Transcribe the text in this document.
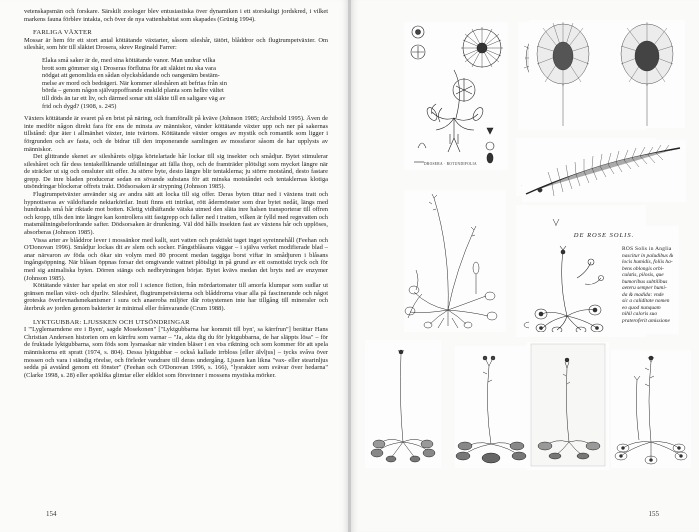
vetenskapsmän och forskare. Särskilt zoologer blev entusiastiska över dynamiken i ett storskaligt jordskred, i vilket markens fauna förblev intakta, och över de nya vattenhabitat som skapades (Grünig 1994).

FARLIGA VÄXTER

Mossar är hem för ett stort antal köttätande växtarter, såsom sileshår, tätört, blåddror och flugtrumpetväxter. Om sileshår, som hör till släktet Drosera, skrev Reginald Farrer:

Elaka små saker är de, med sina köttätande vanor. Man undrar vilka
brott som gömmer sig i Droseras förflutna för att släktet nu ska vara
nödgat att genomlida en sådan olycksbådande och oangenäm bestäm-
melse av mord och bedrägeri. När kommer sileshåren att befrias från sin
börda – genom någon självuppoffrande enskild planta som hellre vältet
till döds än tar ett liv, och därmed sonar sitt släkte till en saligare väg av
frid och dygd? (1908, s. 245)

Växters köttätande är svaret på en brist på näring, och framförallt på kväve (Johnson 1985; Archibold 1995). Även de inte medför någon direkt fara för ens de minsta av människor, vänder köttätande växter upp och ner på sakernas tillstånd: djur äter i allmänhet växter, inte tvärtom. Köttätande växter omges av mystik och romantik som ligger i förgrunden och av fasta, och de bidrar till den imponerande samlingen av mossfaror såsom de har upplysts av människor.

Det glittrande skenet av sileshårets oljiga körtelartade hår lockar till sig insekter och smådjur. Bytet stimulerar sileshåret och får dess tentakelliknande utfällningar att fälla ihop, och de framträder plötsligt som mycket längre när de sträcker ut sig och omsluter sitt offer. Ju större byte, desto längre blir tentaklerna; ju större motstånd, desto fastare grepp. De inre bladen producerar sedan en sövande substans för att minska motståndet och tentaklernas klotiga utsöndringar blockerar offrets trakt. Dödsorsaken är strypning (Johnson 1985).

Flugtrumpetväxter använder sig av andra sätt att locka till sig offer. Deras byten tittar ned i växtens tratt och hypnotiseras av väldoftande nektarkörtlar. Inuti finns ett intrikat, rött ådermönster som drar bytet nedåt, längs med hundratals små hår riktade mot botten. Kletig vidhäftande vätska utmed den släta inre halsen transporterar till offren och kropp, tills den inte längre kan kontrollera sitt fastgrepp och faller ned i tratten, vilken är fylld med regnvatten och matsmältningsbefordrande safter. Dödsorsaken är drunkning. Väl död hålls insekten fast av växtens hår och upplöses, absorberas (Johnson 1985).

Vissa arter av blåddror lever i mossänkor med kallt, surt vatten och praktiskt taget inget syreinnehåll (Feehan och O'Donovan 1996). Smådjur lockas dit av slem och socker. Fångstblåsans väggar – i själva verket modifierade blad – anar närvaron av föda och ökar sin volym med 80 procent medan taggiga borst viftar in smådjuren i blåsans ingångsöppning. När blåsan öppnas forsar det omgivande vattnet plötsligt in på grund av ett osmotiskt tryck och för med sig animaliska byten. Dörren stängs och nedbrytningen börjar. Bytet kvävs medan det bryts ned av enzymer (Johnson 1985).

Köttätande växter har spelat en stor roll i science fiction, från mördartomater till amorfa klumpar som sudlar ut gränsen mellan växt- och djurliv. Sileshåret, flugtrumpetväxterna och blåddrorna visar alla på fascinerande och något groteska överlevnadsmekanismer i sura och anaeroba miljöer där rotsystemen inte har tillgång till mineraler och återbruk av jorden genom bakterier är minimal eller frånvarande (Crum 1988).

LYKTGUBBAR: LJUSSKEN OCH UTSÖNDRINGAR

I "'Lyglemarndene ere i Byen', sagde Mosekonen" ["Lyktgubbarna har kommit till byn', sa kärrfrun"] berättar Hans Christian Andersen historien om en kärrfru som varnar – "Ja, akta dig du för lyktgubbarna, de har släppts lösa" – för de fruktade lyktgubbarna, som föds som lysmaskar när vinden bläser i en viss riktning och som kommer för att spela människorna ett spratt (1974, s. 804). Dessa lyktgubbar – också kallade irrbloss [eller älvljus] – tycks svåva över mossen och vara i ständig rörelse, och förleder vandrare till deras undergång. Ljusen kan likna "vax- eller stearinljus sedda på avstånd genom ett fönster" (Feehan och O'Donovan 1996, s. 166), "lysrakter som svävar över hedarna" (Clarke 1998, s. 28) eller spöklika glimtar eller eldklot som försvinner i mossens mystiska mörker.

154
DROSERA · ROTUNDIFOLIA
155
DE ROSE SOLIS.
ROS Solis in Anglia
nascitur in paludibus &
locis humidis, foliis ha-
bens oblongis orbi-
culatis, pilosis, que
humoribus subtilibus
aeteru semper humi-
da & madida: vnde
sic a caliditate nomen
eo quod nunquam
nihil caloris suo
prateroferit amissione
